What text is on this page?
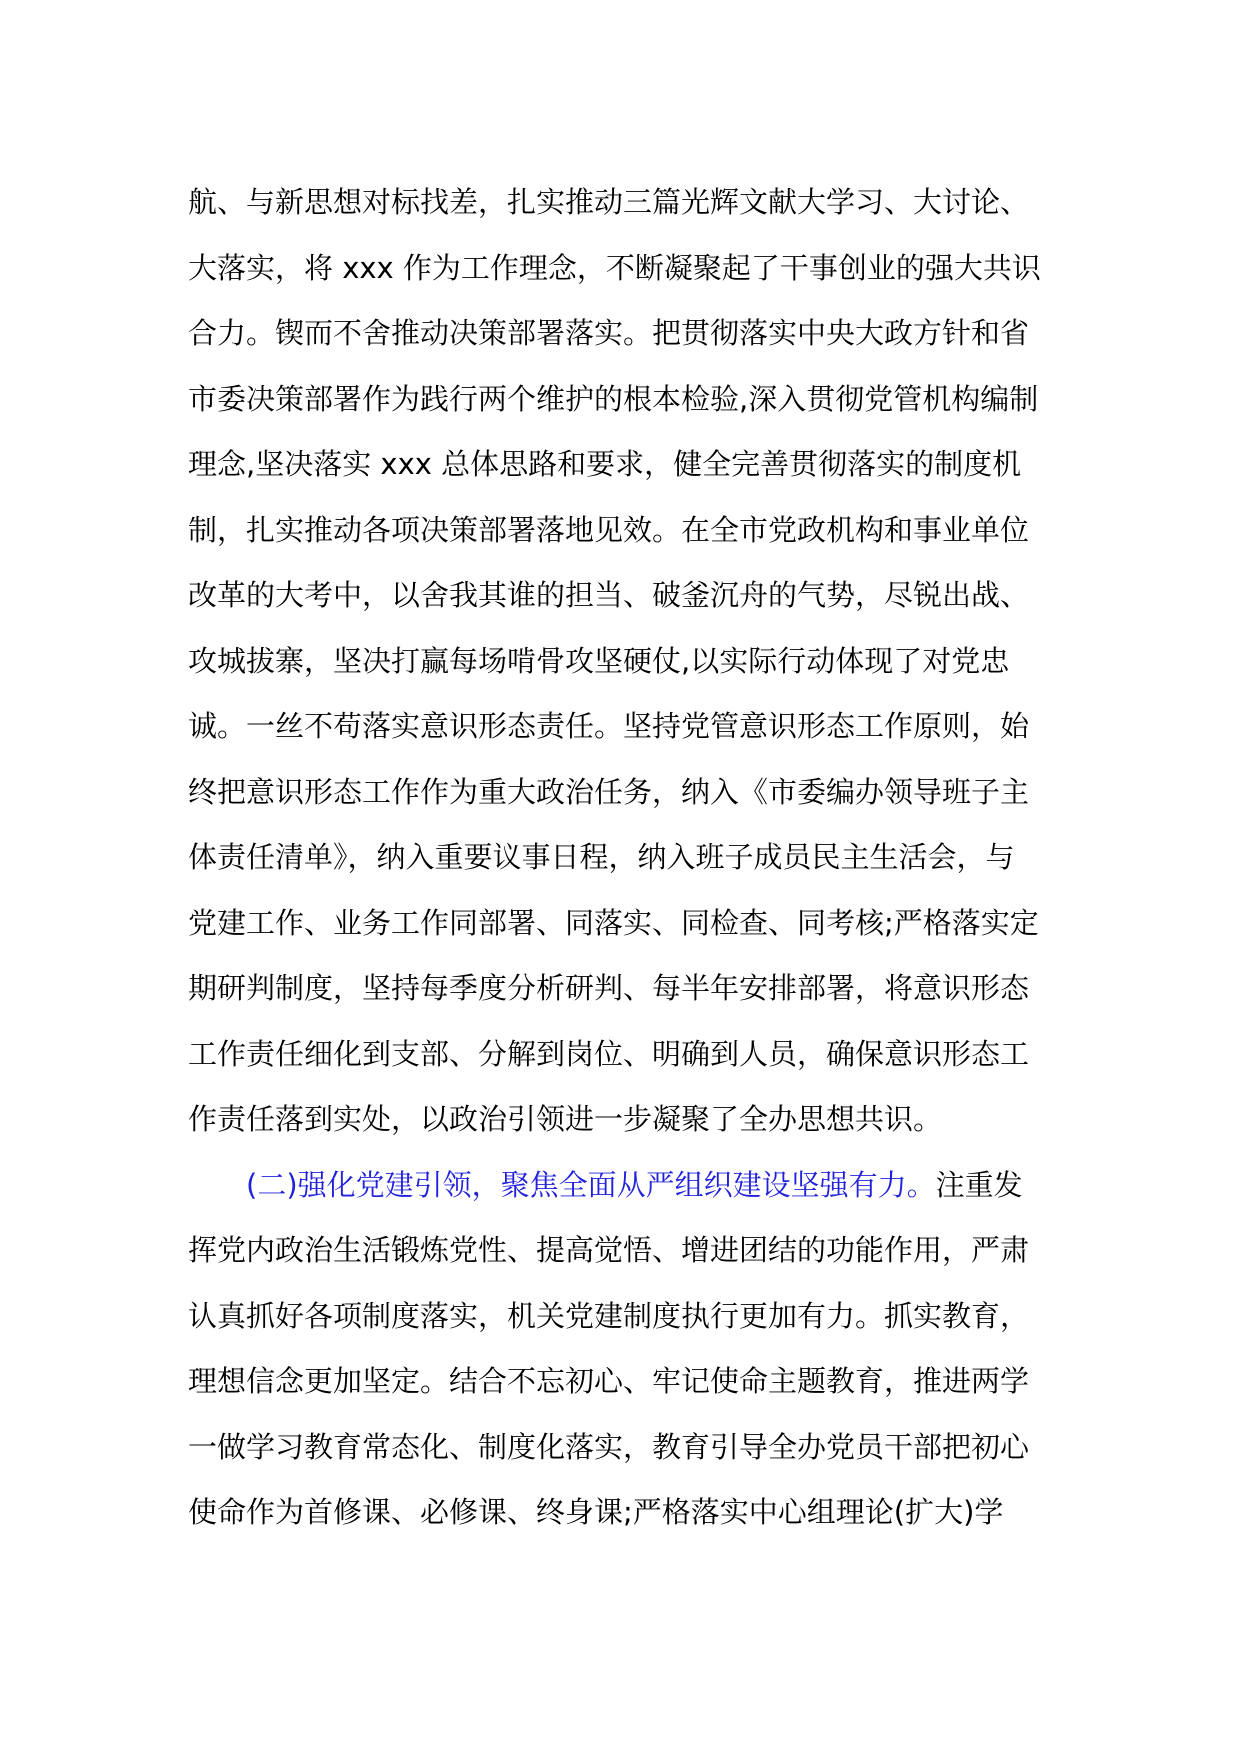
航、与新思想对标找差，扎实推动三篇光辉文献大学习、大讨论、
大落实，将 xxx 作为工作理念，不断凝聚起了干事创业的强大共识
合力。锲而不舍推动决策部署落实。把贯彻落实中央大政方针和省
市委决策部署作为践行两个维护的根本检验,深入贯彻党管机构编制
理念,坚决落实 xxx 总体思路和要求，健全完善贯彻落实的制度机
制，扎实推动各项决策部署落地见效。在全市党政机构和事业单位
改革的大考中，以舍我其谁的担当、破釜沉舟的气势，尽锐出战、
攻城拔寨，坚决打赢每场啃骨攻坚硬仗,以实际行动体现了对党忠
诚。一丝不苟落实意识形态责任。坚持党管意识形态工作原则，始
终把意识形态工作作为重大政治任务，纳入《市委编办领导班子主
体责任清单》，纳入重要议事日程，纳入班子成员民主生活会，与
党建工作、业务工作同部署、同落实、同检查、同考核;严格落实定
期研判制度，坚持每季度分析研判、每半年安排部署，将意识形态
工作责任细化到支部、分解到岗位、明确到人员，确保意识形态工
作责任落到实处，以政治引领进一步凝聚了全办思想共识。
(二)强化党建引领，聚焦全面从严组织建设坚强有力。注重发
挥党内政治生活锻炼党性、提高觉悟、增进团结的功能作用，严肃
认真抓好各项制度落实，机关党建制度执行更加有力。抓实教育，
理想信念更加坚定。结合不忘初心、牢记使命主题教育，推进两学
一做学习教育常态化、制度化落实，教育引导全办党员干部把初心
使命作为首修课、必修课、终身课;严格落实中心组理论(扩大)学
